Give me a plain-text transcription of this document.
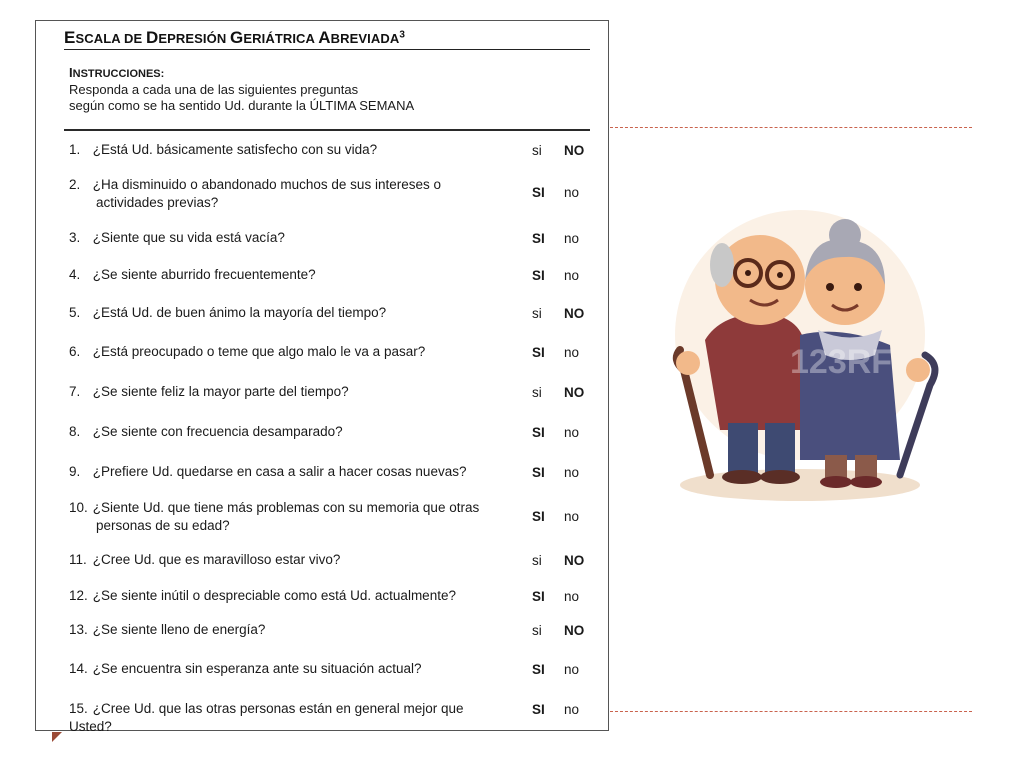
ESCALA DE DEPRESIÓN GERIÁTRICA ABREVIADA$^3$
INSTRUCCIONES:
Responda a cada una de las siguientes preguntas
según como se ha sentido Ud. durante la ÚLTIMA SEMANA
1. ¿Está Ud. básicamente satisfecho con su vida?	si NO
2. ¿Ha disminuido o abandonado muchos de sus intereses o
actividades previas?
SI no
3. ¿Siente que su vida está vacía?	SI no
4. ¿Se siente aburrido frecuentemente?	SI no
5. ¿Está Ud. de buen ánimo la mayoría del tiempo?	si NO
6. ¿Está preocupado o teme que algo malo le va a pasar?	SI no
7. ¿Se siente feliz la mayor parte del tiempo?	si NO
8. ¿Se siente con frecuencia desamparado?	SI no
9. ¿Prefiere Ud. quedarse en casa a salir a hacer cosas nuevas?	SI no
10. ¿Siente Ud. que tiene más problemas con su memoria que otras
personas de su edad?
SI no
11. ¿Cree Ud. que es maravilloso estar vivo?	si NO
12. ¿Se siente inútil o despreciable como está Ud. actualmente?	SI no
13. ¿Se siente lleno de energía?	si NO
14. ¿Se encuentra sin esperanza ante su situación actual?	SI no
15. ¿Cree Ud. que las otras personas están en general mejor que Usted?
SI no
123RF
